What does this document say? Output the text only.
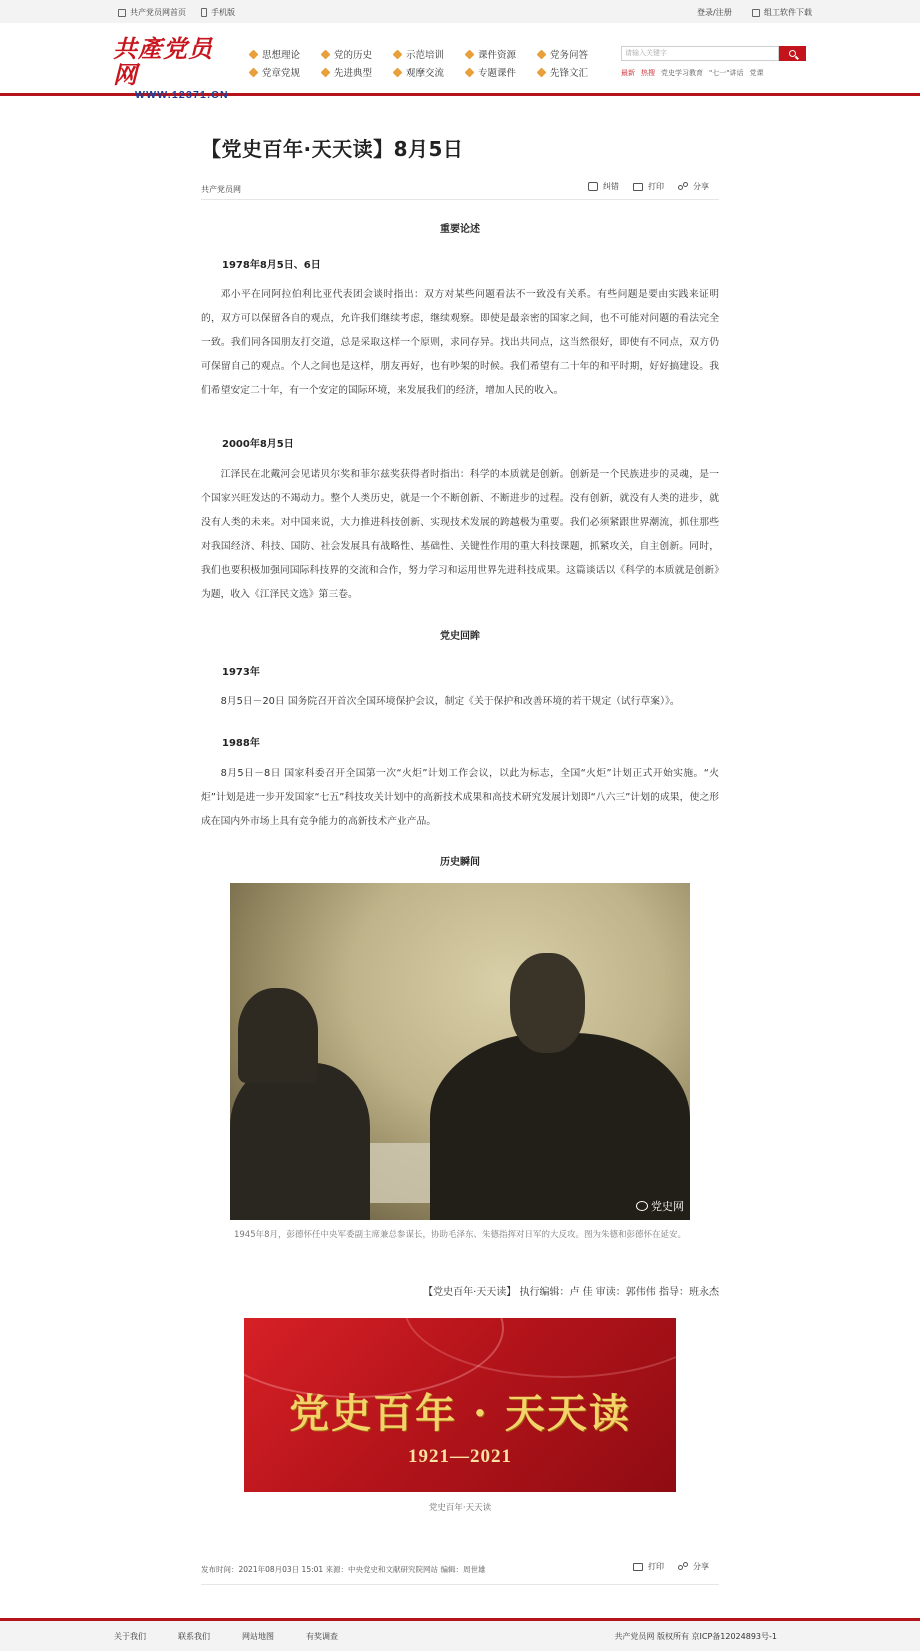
共产党员网首页	手机版	登录/注册	组工软件下载
共產党员网
WWW.12371.CN
思想理论	党的历史	示范培训	课件资源	党务问答
党章党规	先进典型	观摩交流	专题课件	先锋文汇
请输入关键字
最新 热搜 党史学习教育 "七一"讲话 党课
【党史百年·天天读】8月5日
共产党员网	纠错	打印	分享
重要论述
1978年8月5日、6日

邓小平在同阿拉伯利比亚代表团会谈时指出：双方对某些问题看法不一致没有关系。有些问题是要由实践来证明的，双方可以保留各自的观点，允许我们继续考虑，继续观察。即使是最亲密的国家之间，也不可能对问题的看法完全一致。我们同各国朋友打交道，总是采取这样一个原则，求同存异。找出共同点，这当然很好，即使有不同点，双方仍可保留自己的观点。个人之间也是这样，朋友再好，也有吵架的时候。我们希望有二十年的和平时期，好好搞建设。我们希望安定二十年，有一个安定的国际环境，来发展我们的经济，增加人民的收入。

2000年8月5日

江泽民在北戴河会见诺贝尔奖和菲尔兹奖获得者时指出：科学的本质就是创新。创新是一个民族进步的灵魂，是一个国家兴旺发达的不竭动力。整个人类历史，就是一个不断创新、不断进步的过程。没有创新，就没有人类的进步，就没有人类的未来。对中国来说，大力推进科技创新、实现技术发展的跨越极为重要。我们必须紧跟世界潮流，抓住那些对我国经济、科技、国防、社会发展具有战略性、基础性、关键性作用的重大科技课题，抓紧攻关，自主创新。同时，我们也要积极加强同国际科技界的交流和合作，努力学习和运用世界先进科技成果。这篇谈话以《科学的本质就是创新》为题，收入《江泽民文选》第三卷。

党史回眸
1973年

8月5日－20日 国务院召开首次全国环境保护会议，制定《关于保护和改善环境的若干规定（试行草案）》。

1988年

8月5日－8日 国家科委召开全国第一次“火炬”计划工作会议，以此为标志，全国“火炬”计划正式开始实施。“火炬”计划是进一步开发国家“七五”科技攻关计划中的高新技术成果和高技术研究发展计划即“八六三”计划的成果，使之形成在国内外市场上具有竞争能力的高新技术产业产品。

历史瞬间
党史网
1945年8月，彭德怀任中央军委副主席兼总参谋长，协助毛泽东、朱德指挥对日军的大反攻。图为朱德和彭德怀在延安。
【党史百年·天天读】 执行编辑：卢 佳 审读：郭伟伟 指导：班永杰
党史百年 · 天天读
1921—2021
党史百年·天天读
发布时间：2021年08月03日 15:01 来源：中央党史和文献研究院网站 编辑：周世雄	打印	分享
关于我们	联系我们	网站地图	有奖调查	共产党员网 版权所有 京ICP备12024893号-1
